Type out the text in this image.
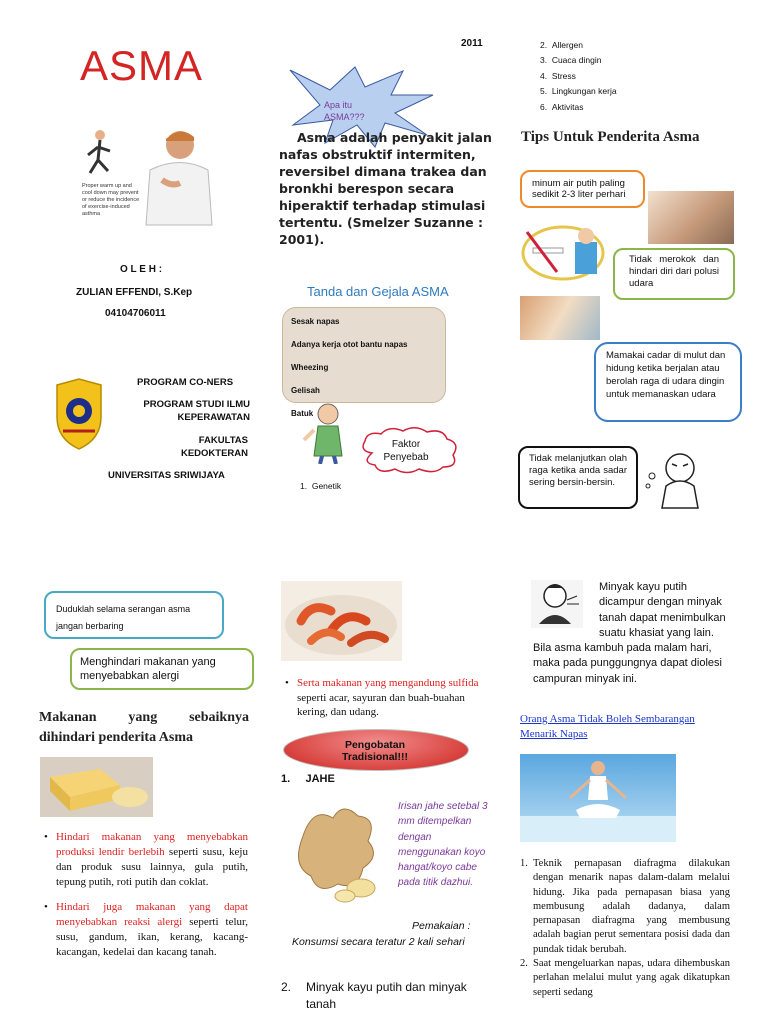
ASMA
Proper warm up and cool down may prevent or reduce the incidence of exercise-induced asthma
O L E H :
ZULIAN EFFENDI, S.Kep
04104706011
PROGRAM CO-NERS
PROGRAM STUDI ILMU KEPERAWATAN
FAKULTAS KEDOKTERAN
UNIVERSITAS SRIWIJAYA
2011
Apa itu ASMA???
Asma adalah penyakit jalan nafas obstruktif intermiten, reversibel dimana trakea dan bronkhi berespon secara hiperaktif terhadap stimulasi tertentu. (Smelzer Suzanne : 2001).
Tanda dan Gejala ASMA
Sesak napas
Adanya kerja otot bantu napas
Wheezing
Gelisah
Batuk
Faktor Penyebab
1. Genetik
2.  Allergen
3.  Cuaca dingin
4.  Stress
5.  Lingkungan kerja
6.  Aktivitas
Tips Untuk Penderita Asma
minum air putih paling sedikit 2-3 liter perhari
Tidak merokok dan hindari diri dari polusi udara
Mamakai cadar di mulut dan hidung ketika berjalan atau berolah raga di udara dingin untuk memanaskan udara
Tidak melanjutkan olah raga ketika anda sadar sering bersin-bersin.
Duduklah selama serangan asma jangan berbaring
Menghindari makanan yang menyebabkan alergi
Makanan yang sebaiknya dihindari penderita Asma
• Hindari makanan yang menyebabkan produksi lendir berlebih seperti susu, keju dan produk susu lainnya, gula putih, tepung putih, roti putih dan coklat.
• Hindari juga makanan yang dapat menyebabkan reaksi alergi seperti telur, susu, gandum, ikan, kerang, kacang-kacangan, kedelai dan kacang tanah.
• Serta makanan yang mengandung sulfida seperti acar, sayuran dan buah-buahan kering, dan udang.
Pengobatan Tradisional!!!
1. JAHE
Irisan jahe setebal 3 mm ditempelkan dengan menggunakan koyo hangat/koyo cabe pada titik dazhui.
Pemakaian :
Konsumsi secara teratur 2 kali sehari
2. Minyak kayu putih dan minyak tanah
Minyak kayu putih dicampur dengan minyak tanah dapat menimbulkan suatu khasiat yang lain. Bila asma kambuh pada malam hari, maka pada punggungnya dapat diolesi campuran minyak ini.
Orang Asma Tidak Boleh Sembarangan Menarik Napas
1. Teknik pernapasan diafragma dilakukan dengan menarik napas dalam-dalam melalui hidung. Jika pada pernapasan biasa yang membusung adalah dadanya, dalam pernapasan diafragma yang membusung adalah bagian perut sementara posisi dada dan pundak tidak berubah.
2. Saat mengeluarkan napas, udara dihembuskan perlahan melalui mulut yang agak dikatupkan seperti sedang
